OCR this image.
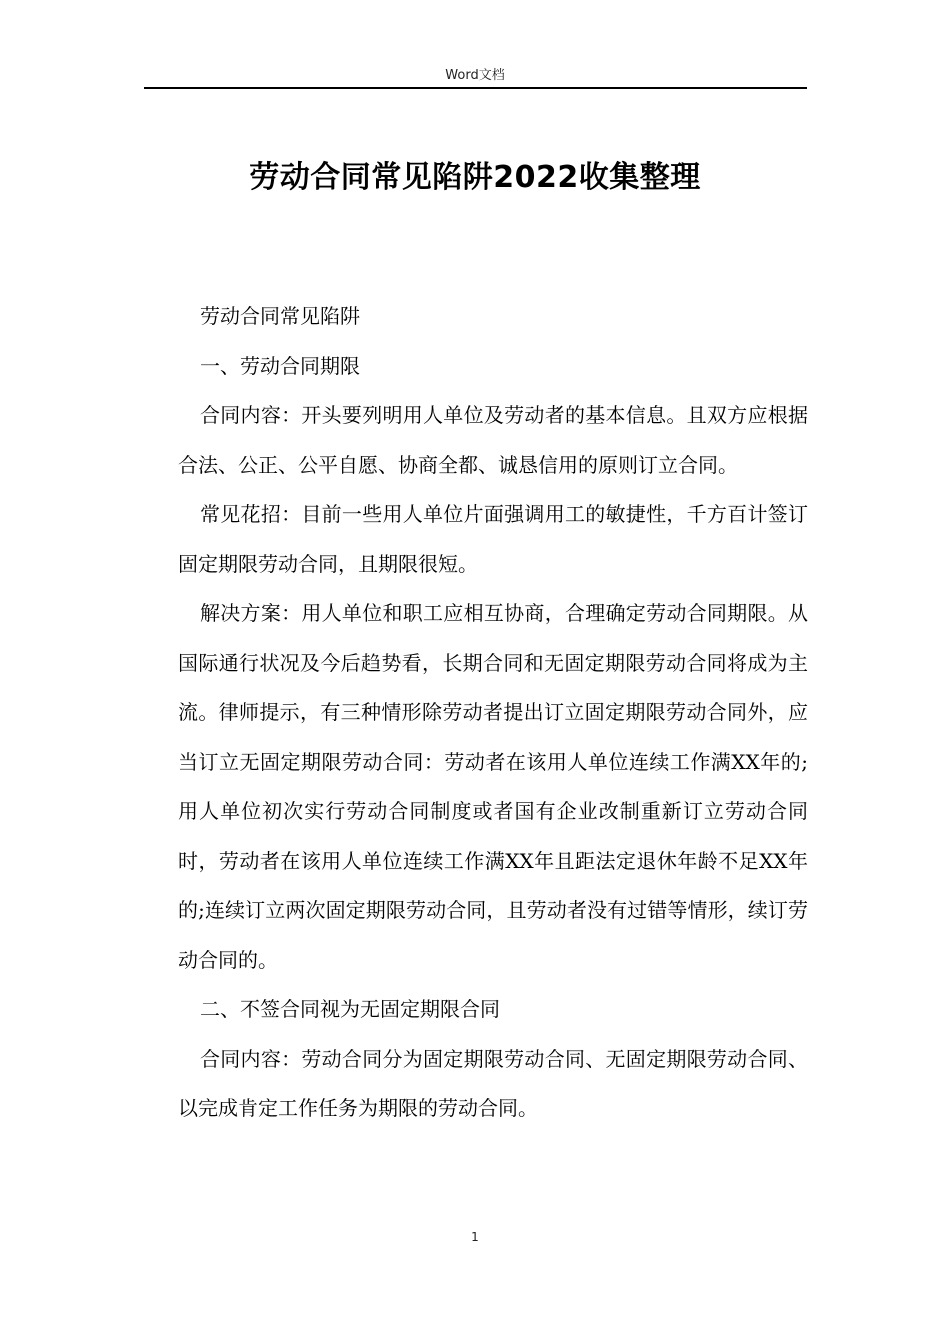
Word文档
劳动合同常见陷阱2022收集整理

劳动合同常见陷阱

一、劳动合同期限

合同内容：开头要列明用人单位及劳动者的基本信息。且双方应根据合法、公正、公平自愿、协商全都、诚恳信用的原则订立合同。

常见花招：目前一些用人单位片面强调用工的敏捷性，千方百计签订固定期限劳动合同，且期限很短。

解决方案：用人单位和职工应相互协商，合理确定劳动合同期限。从国际通行状况及今后趋势看，长期合同和无固定期限劳动合同将成为主流。律师提示，有三种情形除劳动者提出订立固定期限劳动合同外，应当订立无固定期限劳动合同：劳动者在该用人单位连续工作满XX年的;用人单位初次实行劳动合同制度或者国有企业改制重新订立劳动合同时，劳动者在该用人单位连续工作满XX年且距法定退休年龄不足XX年的;连续订立两次固定期限劳动合同，且劳动者没有过错等情形，续订劳动合同的。

二、不签合同视为无固定期限合同

合同内容：劳动合同分为固定期限劳动合同、无固定期限劳动合同、以完成肯定工作任务为期限的劳动合同。

1
